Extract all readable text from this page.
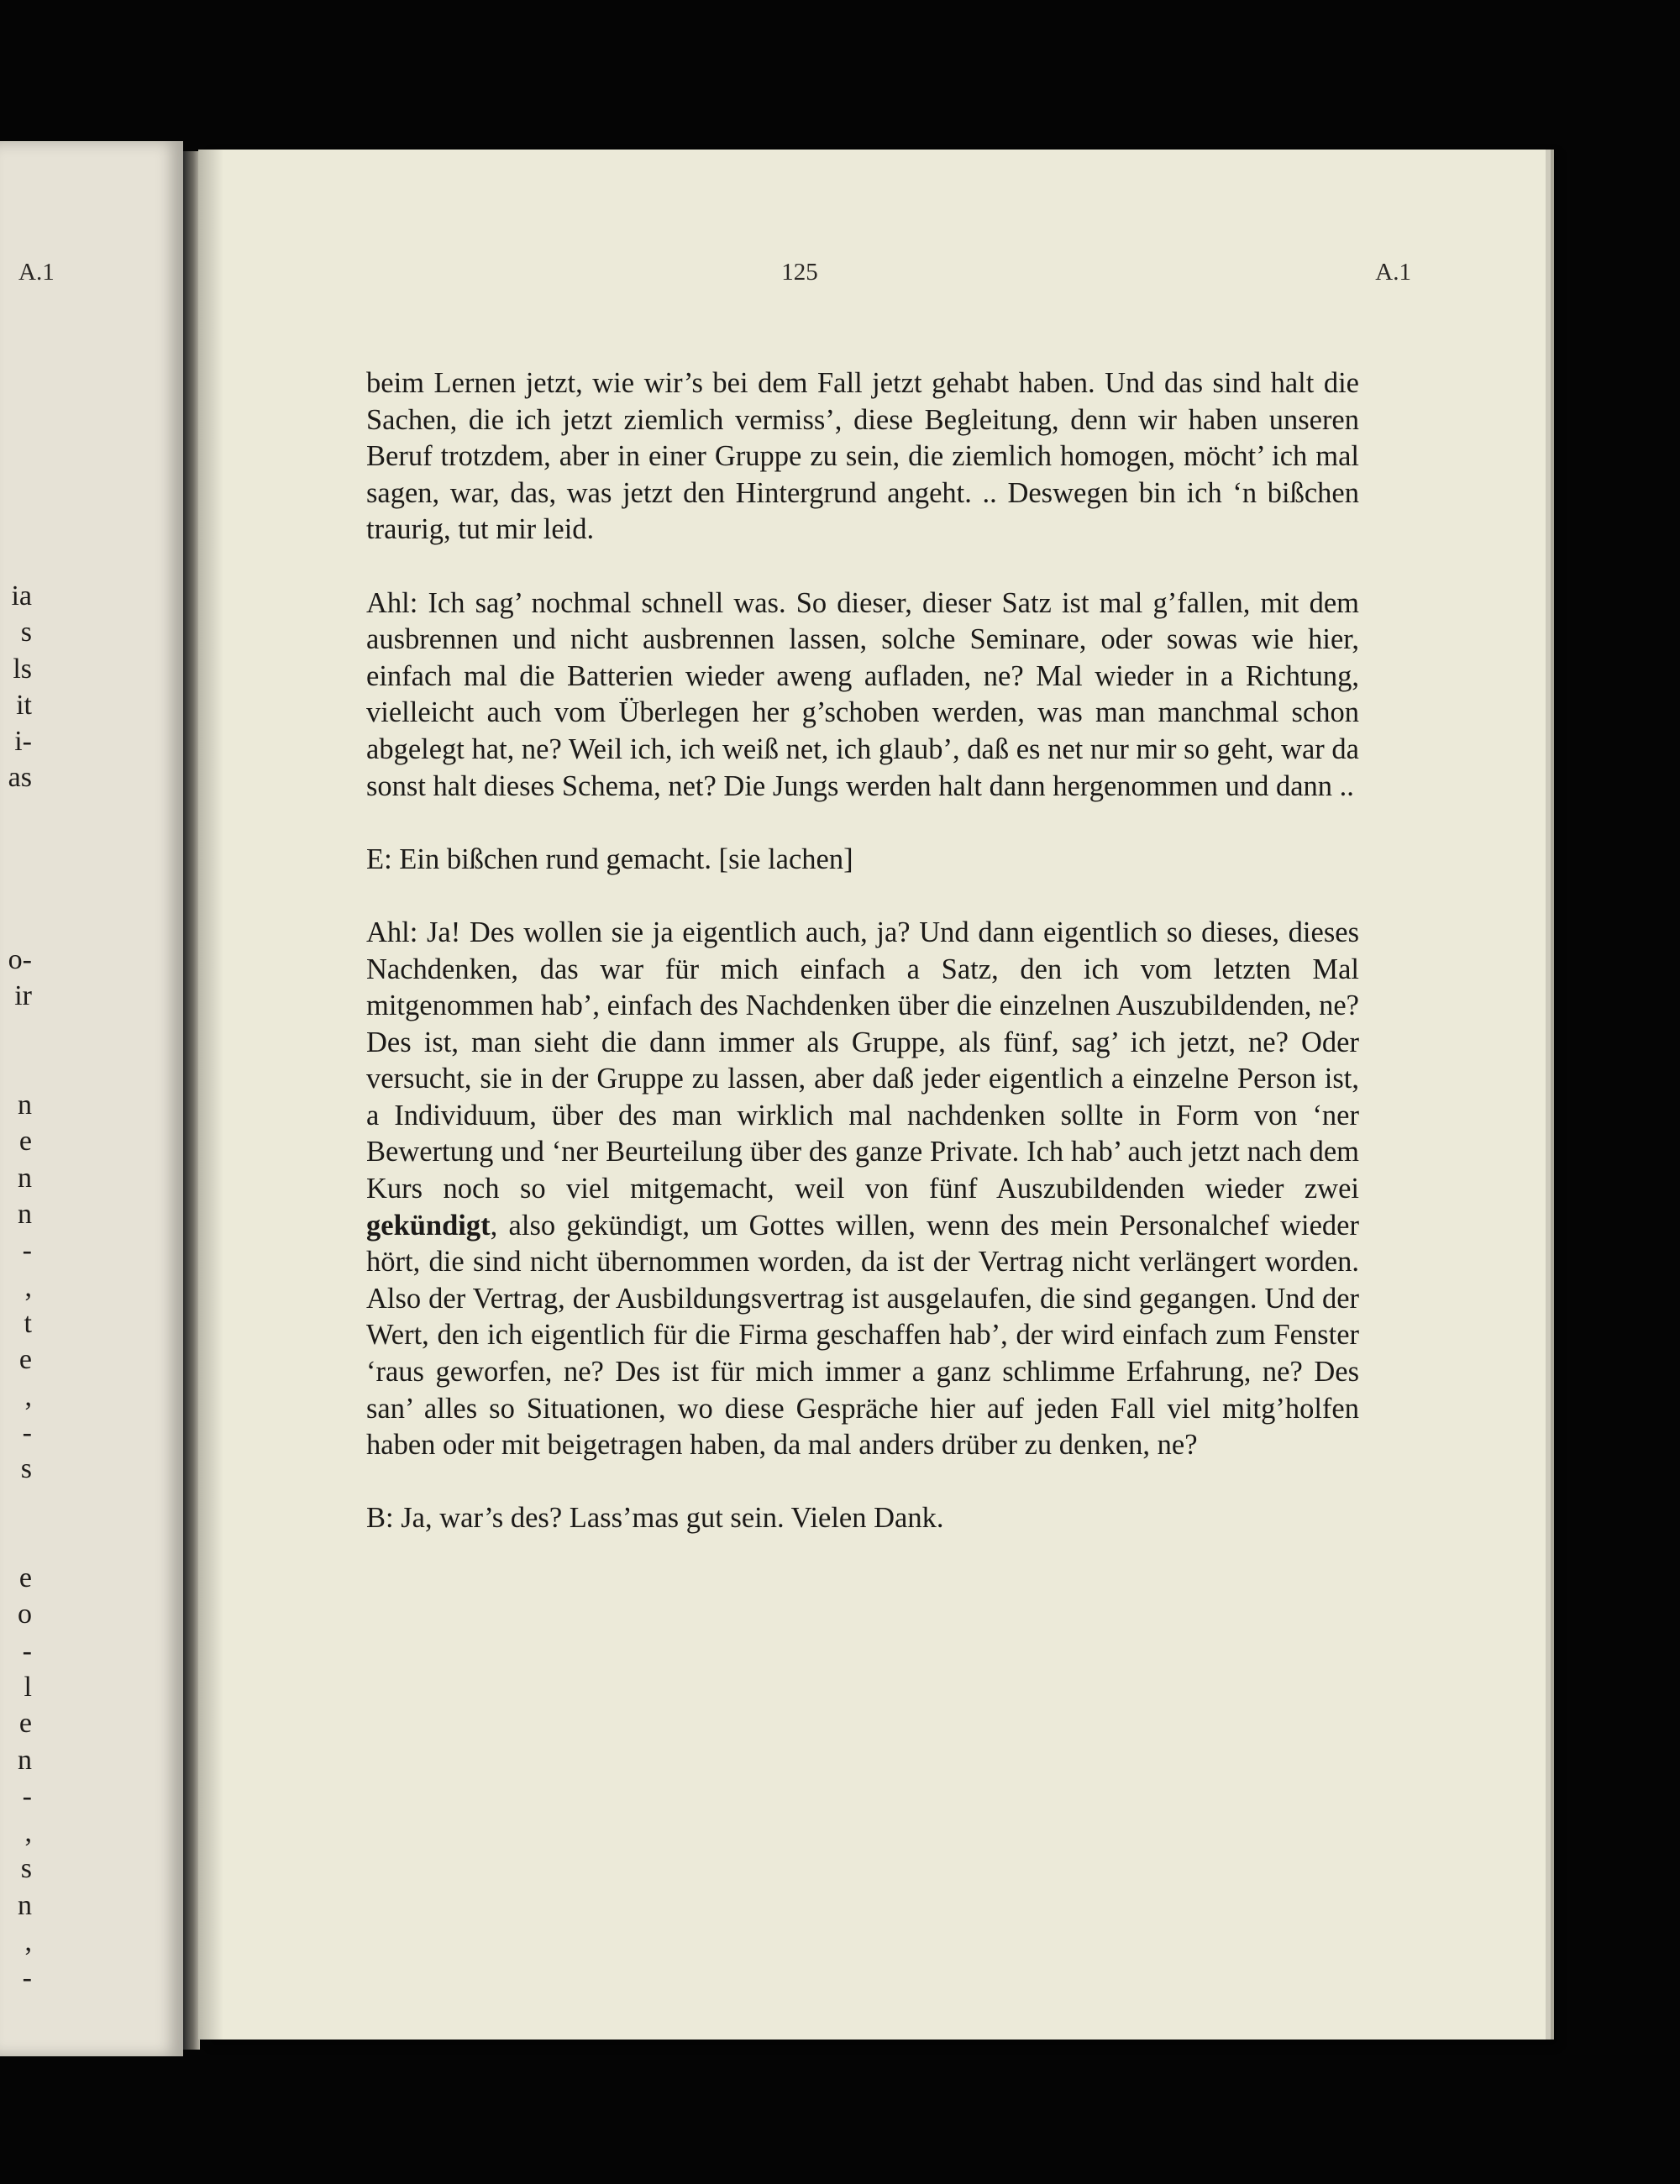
A.1
ia
s
ls
it
i-
as
o-
ir
n
e
n
n
-
,
t
e
,
-
s
e
o
-
l
e
n
-
,
s
n
,
-
125	A.1

beim Lernen jetzt, wie wir’s bei dem Fall jetzt gehabt haben. Und das sind halt die Sachen, die ich jetzt ziemlich vermiss’, diese Begleitung, denn wir haben unseren Beruf trotzdem, aber in einer Gruppe zu sein, die ziemlich homogen, möcht’ ich mal sagen, war, das, was jetzt den Hintergrund angeht. .. Deswegen bin ich ‘n bißchen traurig, tut mir leid.

Ahl: Ich sag’ nochmal schnell was. So dieser, dieser Satz ist mal g’fallen, mit dem ausbrennen und nicht ausbrennen lassen, solche Seminare, oder sowas wie hier, einfach mal die Batterien wieder aweng aufladen, ne? Mal wieder in a Richtung, vielleicht auch vom Überlegen her g’schoben werden, was man manchmal schon abgelegt hat, ne? Weil ich, ich weiß net, ich glaub’, daß es net nur mir so geht, war da sonst halt dieses Schema, net? Die Jungs werden halt dann hergenommen und dann ..

E: Ein bißchen rund gemacht. [sie lachen]

Ahl: Ja! Des wollen sie ja eigentlich auch, ja? Und dann eigentlich so dieses, dieses Nachdenken, das war für mich einfach a Satz, den ich vom letzten Mal mitgenommen hab’, einfach des Nachdenken über die einzelnen Auszubildenden, ne? Des ist, man sieht die dann immer als Gruppe, als fünf, sag’ ich jetzt, ne? Oder versucht, sie in der Gruppe zu lassen, aber daß jeder eigentlich a einzelne Person ist, a Individuum, über des man wirklich mal nachdenken sollte in Form von ‘ner Bewertung und ‘ner Beurteilung über des ganze Private. Ich hab’ auch jetzt nach dem Kurs noch so viel mitgemacht, weil von fünf Auszubildenden wieder zwei gekündigt, also gekündigt, um Gottes willen, wenn des mein Personalchef wieder hört, die sind nicht übernommen worden, da ist der Vertrag nicht verlängert worden. Also der Vertrag, der Ausbildungsvertrag ist ausgelaufen, die sind gegangen. Und der Wert, den ich eigentlich für die Firma geschaffen hab’, der wird einfach zum Fenster ‘raus geworfen, ne? Des ist für mich immer a ganz schlimme Erfahrung, ne? Des san’ alles so Situationen, wo diese Gespräche hier auf jeden Fall viel mitg’holfen haben oder mit beigetragen haben, da mal anders drüber zu denken, ne?

B: Ja, war’s des? Lass’mas gut sein. Vielen Dank.
